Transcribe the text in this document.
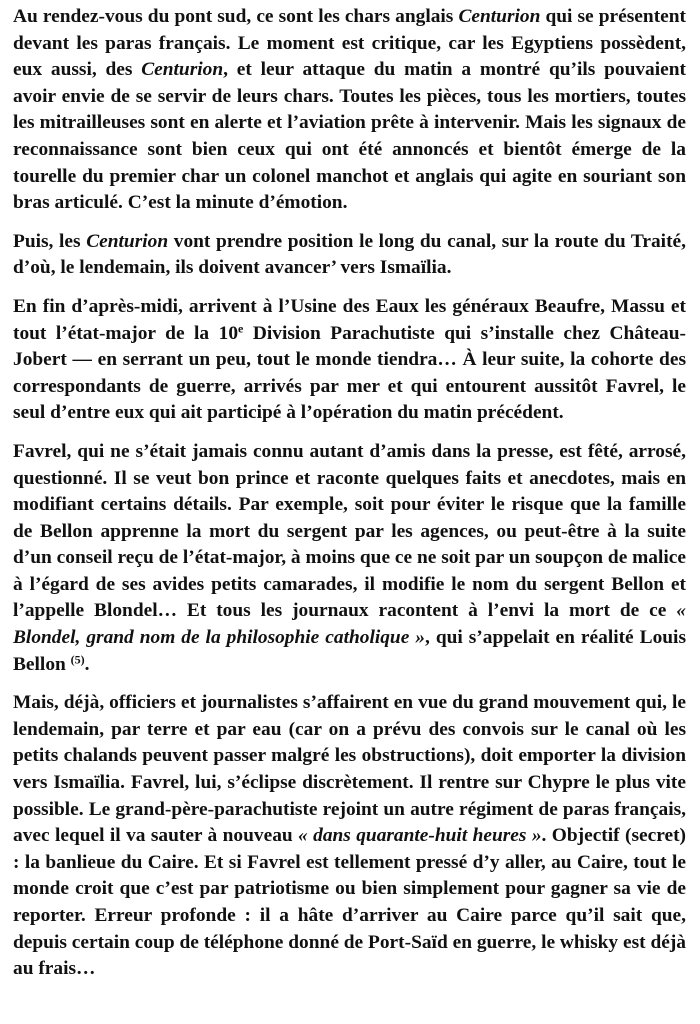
Au rendez-vous du pont sud, ce sont les chars anglais Centurion qui se présentent devant les paras français. Le moment est critique, car les Egyptiens possèdent, eux aussi, des Centurion, et leur attaque du matin a montré qu’ils pouvaient avoir envie de se servir de leurs chars. Toutes les pièces, tous les mortiers, toutes les mitrailleuses sont en alerte et l’aviation prête à intervenir. Mais les signaux de reconnaissance sont bien ceux qui ont été annoncés et bientôt émerge de la tourelle du premier char un colonel manchot et anglais qui agite en souriant son bras articulé. C’est la minute d’émotion.

Puis, les Centurion vont prendre position le long du canal, sur la route du Traité, d’où, le lendemain, ils doivent avancer’ vers Ismaïlia.

En fin d’après-midi, arrivent à l’Usine des Eaux les généraux Beaufre, Massu et tout l’état-major de la 10e Division Parachutiste qui s’installe chez Château-Jobert — en serrant un peu, tout le monde tiendra… À leur suite, la cohorte des correspondants de guerre, arrivés par mer et qui entourent aussitôt Favrel, le seul d’entre eux qui ait participé à l’opération du matin précédent.

Favrel, qui ne s’était jamais connu autant d’amis dans la presse, est fêté, arrosé, questionné. Il se veut bon prince et raconte quelques faits et anecdotes, mais en modifiant certains détails. Par exemple, soit pour éviter le risque que la famille de Bellon apprenne la mort du sergent par les agences, ou peut-être à la suite d’un conseil reçu de l’état-major, à moins que ce ne soit par un soupçon de malice à l’égard de ses avides petits camarades, il modifie le nom du sergent Bellon et l’appelle Blondel… Et tous les journaux racontent à l’envi la mort de ce « Blondel, grand nom de la philosophie catholique », qui s’appelait en réalité Louis Bellon $^{(5)}$.

Mais, déjà, officiers et journalistes s’affairent en vue du grand mouvement qui, le lendemain, par terre et par eau (car on a prévu des convois sur le canal où les petits chalands peuvent passer malgré les obstructions), doit emporter la division vers Ismaïlia. Favrel, lui, s’éclipse discrètement. Il rentre sur Chypre le plus vite possible. Le grand-père-parachutiste rejoint un autre régiment de paras français, avec lequel il va sauter à nouveau « dans quarante-huit heures ». Objectif (secret) : la banlieue du Caire. Et si Favrel est tellement pressé d’y aller, au Caire, tout le monde croit que c’est par patriotisme ou bien simplement pour gagner sa vie de reporter. Erreur profonde : il a hâte d’arriver au Caire parce qu’il sait que, depuis certain coup de téléphone donné de Port-Saïd en guerre, le whisky est déjà au frais…
